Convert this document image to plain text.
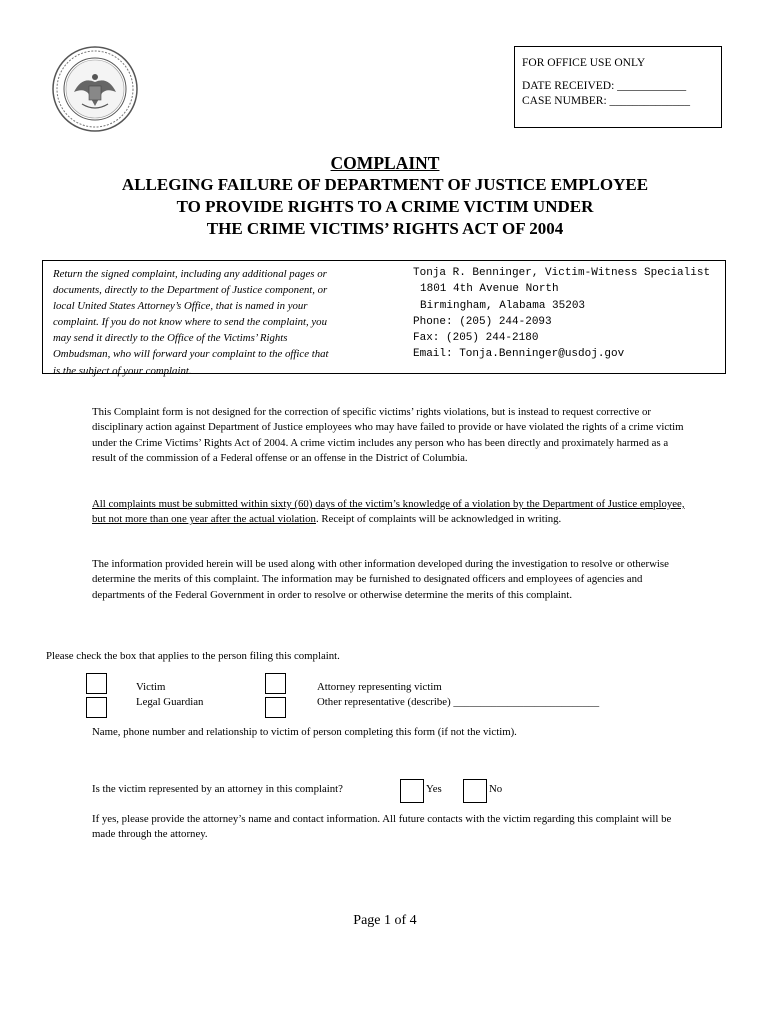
FOR OFFICE USE ONLY
DATE RECEIVED: ____________
CASE NUMBER: ______________
COMPLAINT
ALLEGING FAILURE OF DEPARTMENT OF JUSTICE EMPLOYEE
TO PROVIDE RIGHTS TO A CRIME VICTIM UNDER
THE CRIME VICTIMS’ RIGHTS ACT OF 2004
Return the signed complaint, including any additional pages or
documents, directly to the Department of Justice component, or
local United States Attorney’s Office, that is named in your
complaint. If you do not know where to send the complaint, you
may send it directly to the Office of the Victims’ Rights
Ombudsman, who will forward your complaint to the office that
is the subject of your complaint.
Tonja R. Benninger, Victim-Witness Specialist
1801 4th Avenue North
Birmingham, Alabama 35203
Phone: (205) 244-2093
Fax: (205) 244-2180
Email: Tonja.Benninger@usdoj.gov
This Complaint form is not designed for the correction of specific victims’ rights violations, but is instead to request corrective or disciplinary action against Department of Justice employees who may have failed to provide or have violated the rights of a crime victim under the Crime Victims’ Rights Act of 2004. A crime victim includes any person who has been directly and proximately harmed as a result of the commission of a Federal offense or an offense in the District of Columbia.
All complaints must be submitted within sixty (60) days of the victim’s knowledge of a violation by the Department of Justice employee, but not more than one year after the actual violation. Receipt of complaints will be acknowledged in writing.
The information provided herein will be used along with other information developed during the investigation to resolve or otherwise determine the merits of this complaint. The information may be furnished to designated officers and employees of agencies and departments of the Federal Government in order to resolve or otherwise determine the merits of this complaint.
Please check the box that applies to the person filing this complaint.
Victim
Legal Guardian
Attorney representing victim
Other representative (describe) ___________________________
Name, phone number and relationship to victim of person completing this form (if not the victim).
Is the victim represented by an attorney in this complaint?	Yes	No
If yes, please provide the attorney’s name and contact information. All future contacts with the victim regarding this complaint will be made through the attorney.
Page 1 of 4
